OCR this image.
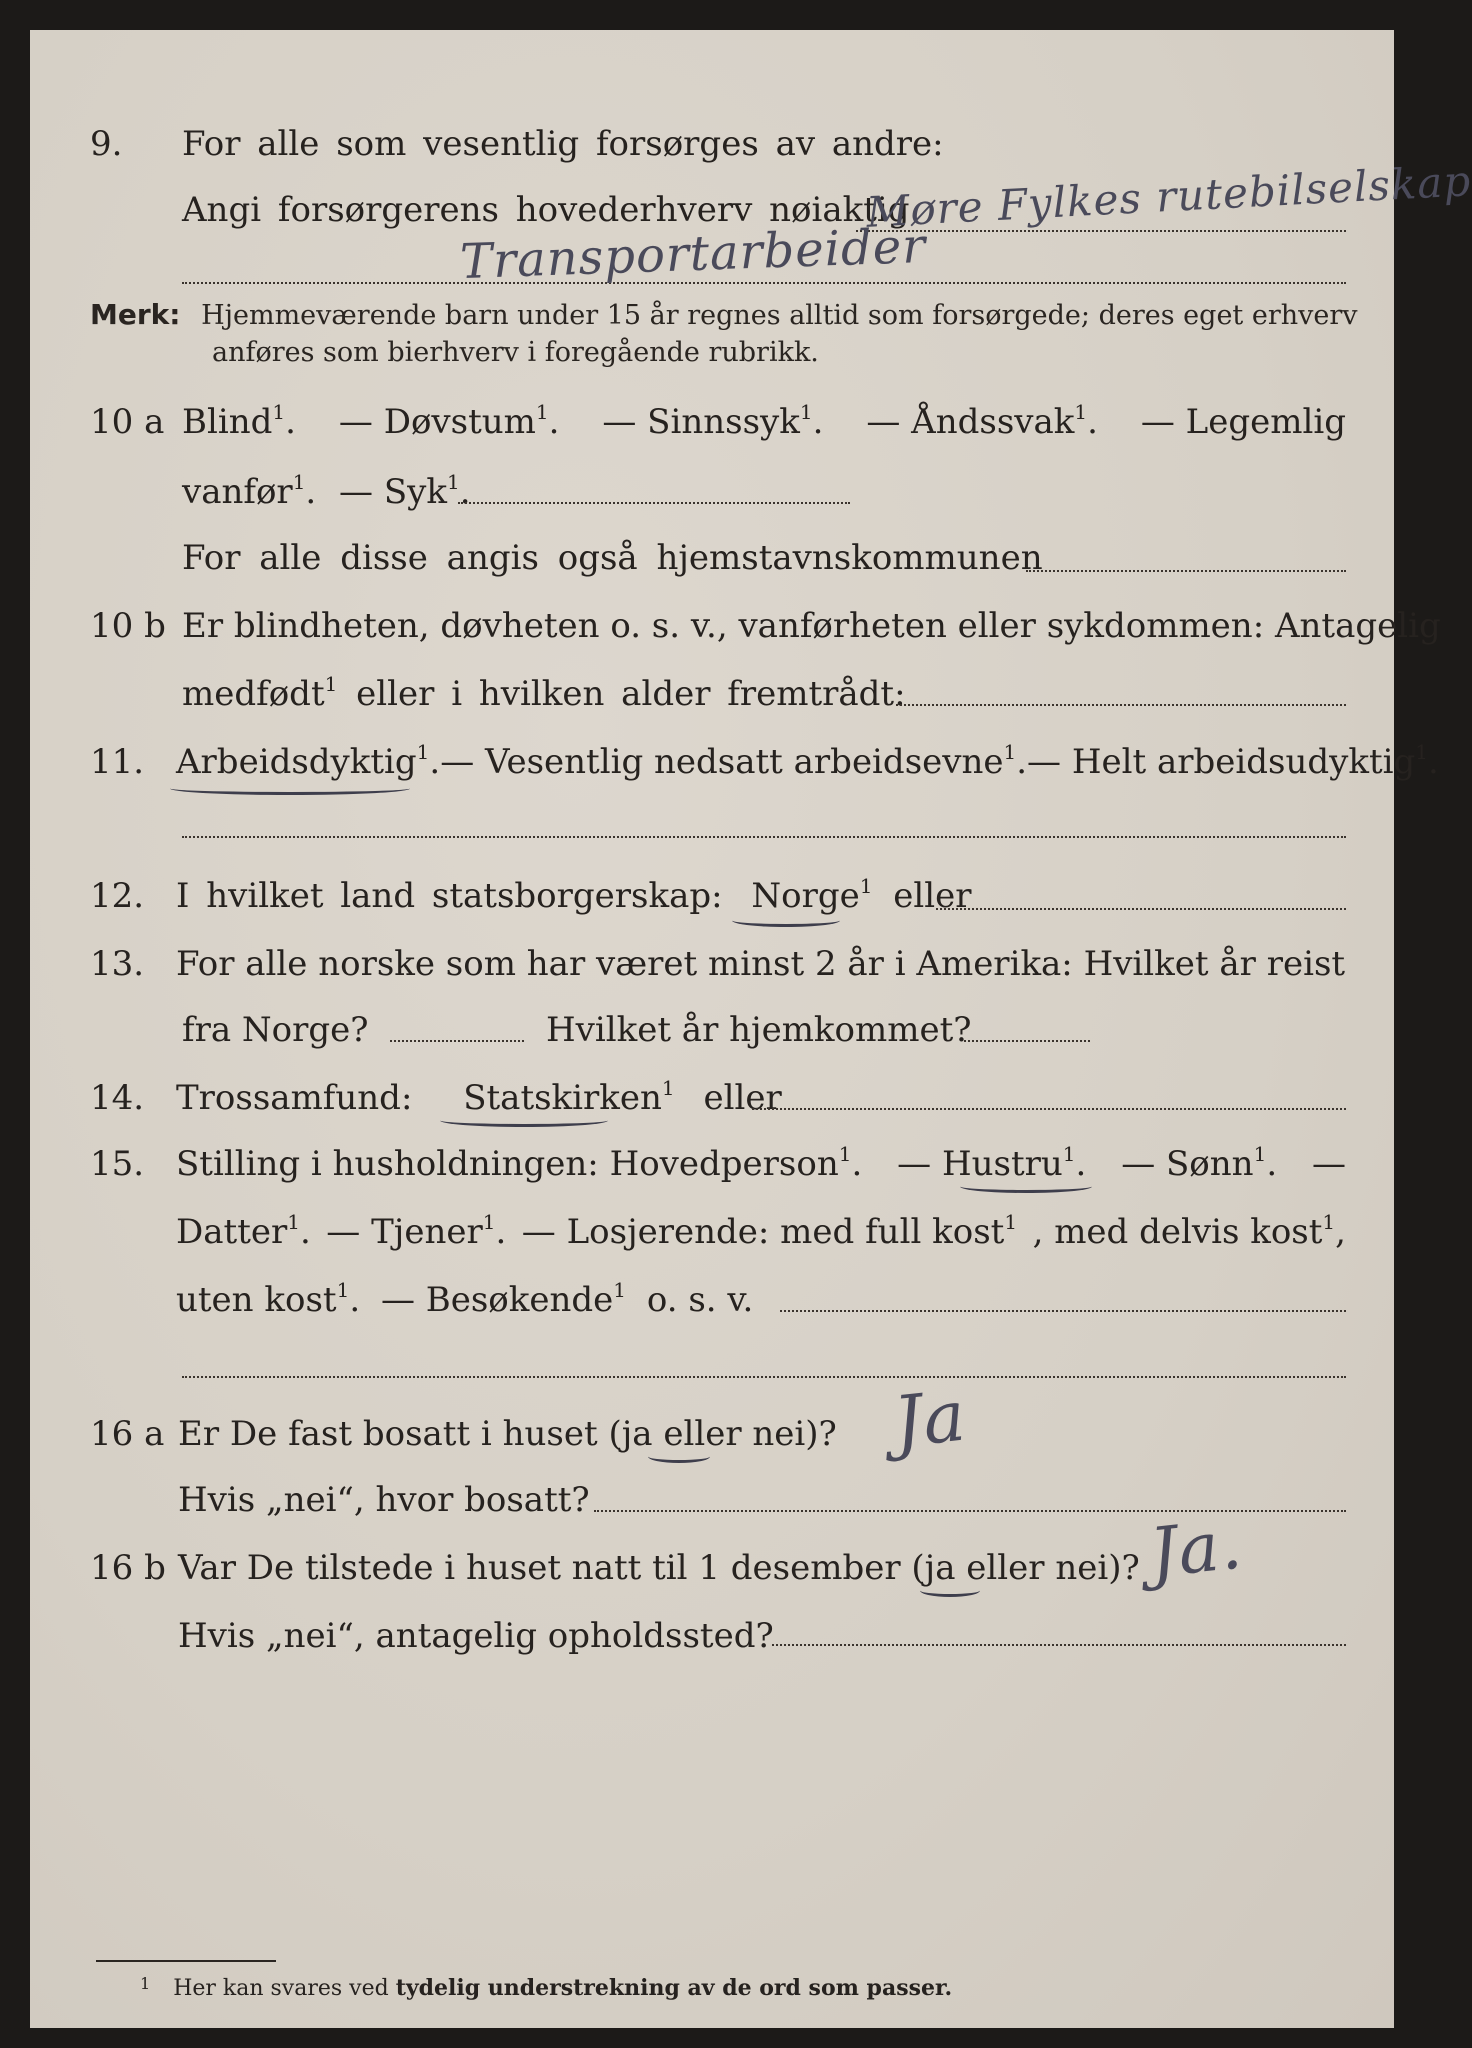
9. For alle som vesentlig forsørges av andre:
Angi forsørgerens hovederhverv nøiaktig
Møre Fylkes rutebilselskap
Transportarbeider
Merk: Hjemmeværende barn under 15 år regnes alltid som forsørgede; deres eget erhverv
anføres som bierhverv i foregående rubrikk.
10 a Blind$^1$. — Døvstum$^1$. — Sinnssyk$^1$. — Åndssvak$^1$. — Legemlig
vanfør$^1$. — Syk$^1$.
For alle disse angis også hjemstavnskommunen
10 b Er blindheten, døvheten o. s. v., vanførheten eller sykdommen: Antagelig
medfødt$^1$ eller i hvilken alder fremtrådt:
11. Arbeidsdyktig$^1$. — Vesentlig nedsatt arbeidsevne$^1$. — Helt arbeidsudyktig$^1$.
12. I hvilket land statsborgerskap: Norge$^1$ eller
13. For alle norske som har været minst 2 år i Amerika: Hvilket år reist
fra Norge?	Hvilket år hjemkommet?
14. Trossamfund: Statskirken$^1$ eller
15. Stilling i husholdningen: Hovedperson$^1$. — Hustru$^1$. — Sønn$^1$. —
Datter$^1$. — Tjener$^1$. — Losjerende: med full kost$^1$ , med delvis kost$^1$,
uten kost$^1$. — Besøkende$^1$ o. s. v.
16 a Er De fast bosatt i huset (ja eller nei)? Ja
Hvis „nei“, hvor bosatt?
16 b Var De tilstede i huset natt til 1 desember (ja eller nei)? Ja.
Hvis „nei“, antagelig opholdssted?
$^1$ Her kan svares ved tydelig understrekning av de ord som passer.
